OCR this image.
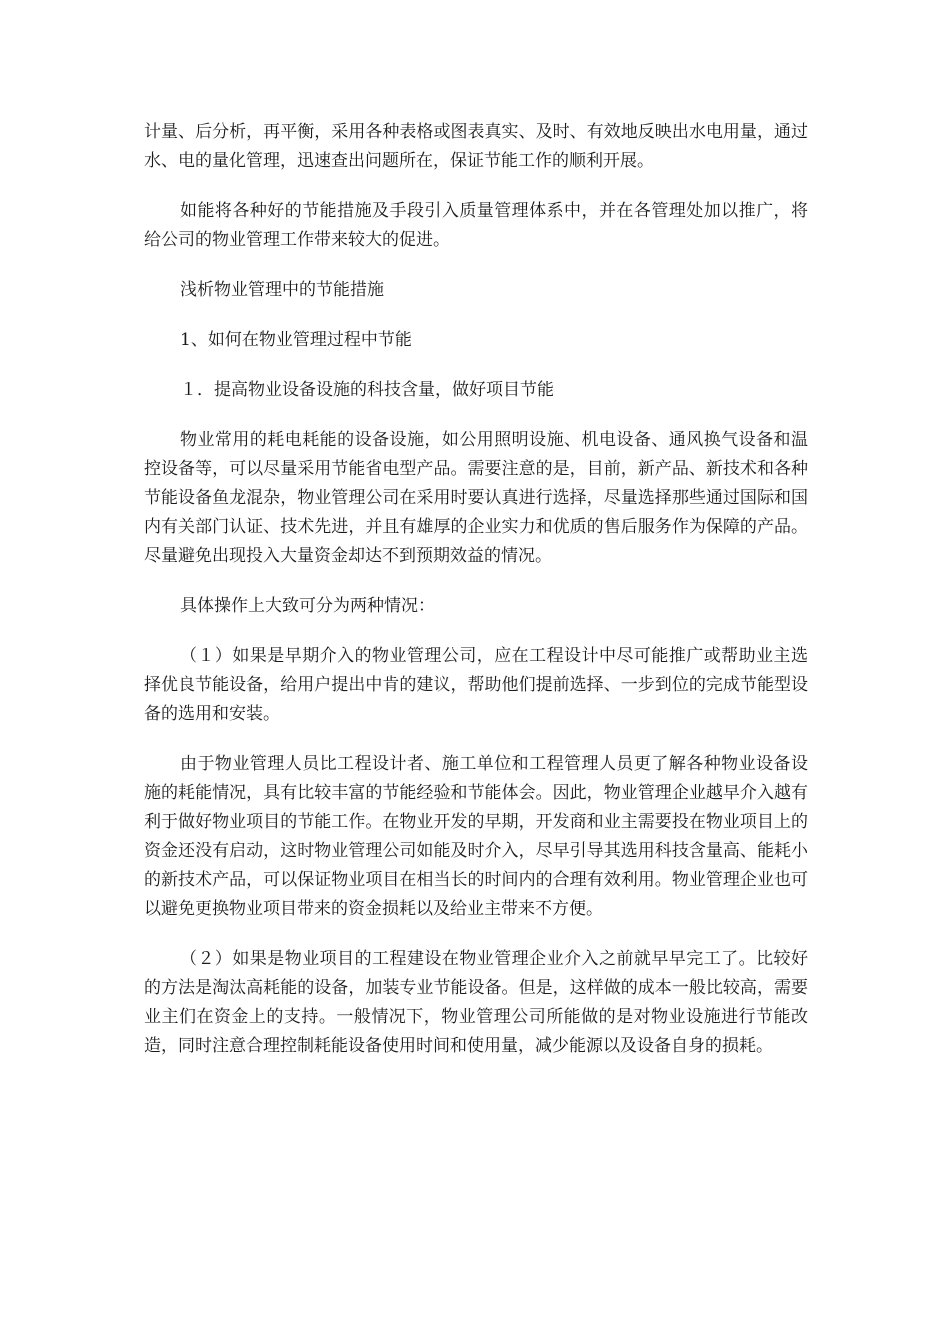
计量、后分析，再平衡，采用各种表格或图表真实、及时、有效地反映出水电用量，通过水、电的量化管理，迅速查出问题所在，保证节能工作的顺利开展。

如能将各种好的节能措施及手段引入质量管理体系中，并在各管理处加以推广，将给公司的物业管理工作带来较大的促进。

浅析物业管理中的节能措施

1、如何在物业管理过程中节能

１．提高物业设备设施的科技含量，做好项目节能

物业常用的耗电耗能的设备设施，如公用照明设施、机电设备、通风换气设备和温控设备等，可以尽量采用节能省电型产品。需要注意的是，目前，新产品、新技术和各种节能设备鱼龙混杂，物业管理公司在采用时要认真进行选择，尽量选择那些通过国际和国内有关部门认证、技术先进，并且有雄厚的企业实力和优质的售后服务作为保障的产品。尽量避免出现投入大量资金却达不到预期效益的情况。

具体操作上大致可分为两种情况：

（１）如果是早期介入的物业管理公司，应在工程设计中尽可能推广或帮助业主选择优良节能设备，给用户提出中肯的建议，帮助他们提前选择、一步到位的完成节能型设备的选用和安装。

由于物业管理人员比工程设计者、施工单位和工程管理人员更了解各种物业设备设施的耗能情况，具有比较丰富的节能经验和节能体会。因此，物业管理企业越早介入越有利于做好物业项目的节能工作。在物业开发的早期，开发商和业主需要投在物业项目上的资金还没有启动，这时物业管理公司如能及时介入，尽早引导其选用科技含量高、能耗小的新技术产品，可以保证物业项目在相当长的时间内的合理有效利用。物业管理企业也可以避免更换物业项目带来的资金损耗以及给业主带来不方便。

（２）如果是物业项目的工程建设在物业管理企业介入之前就早早完工了。比较好的方法是淘汰高耗能的设备，加装专业节能设备。但是，这样做的成本一般比较高，需要业主们在资金上的支持。一般情况下，物业管理公司所能做的是对物业设施进行节能改造，同时注意合理控制耗能设备使用时间和使用量，减少能源以及设备自身的损耗。
